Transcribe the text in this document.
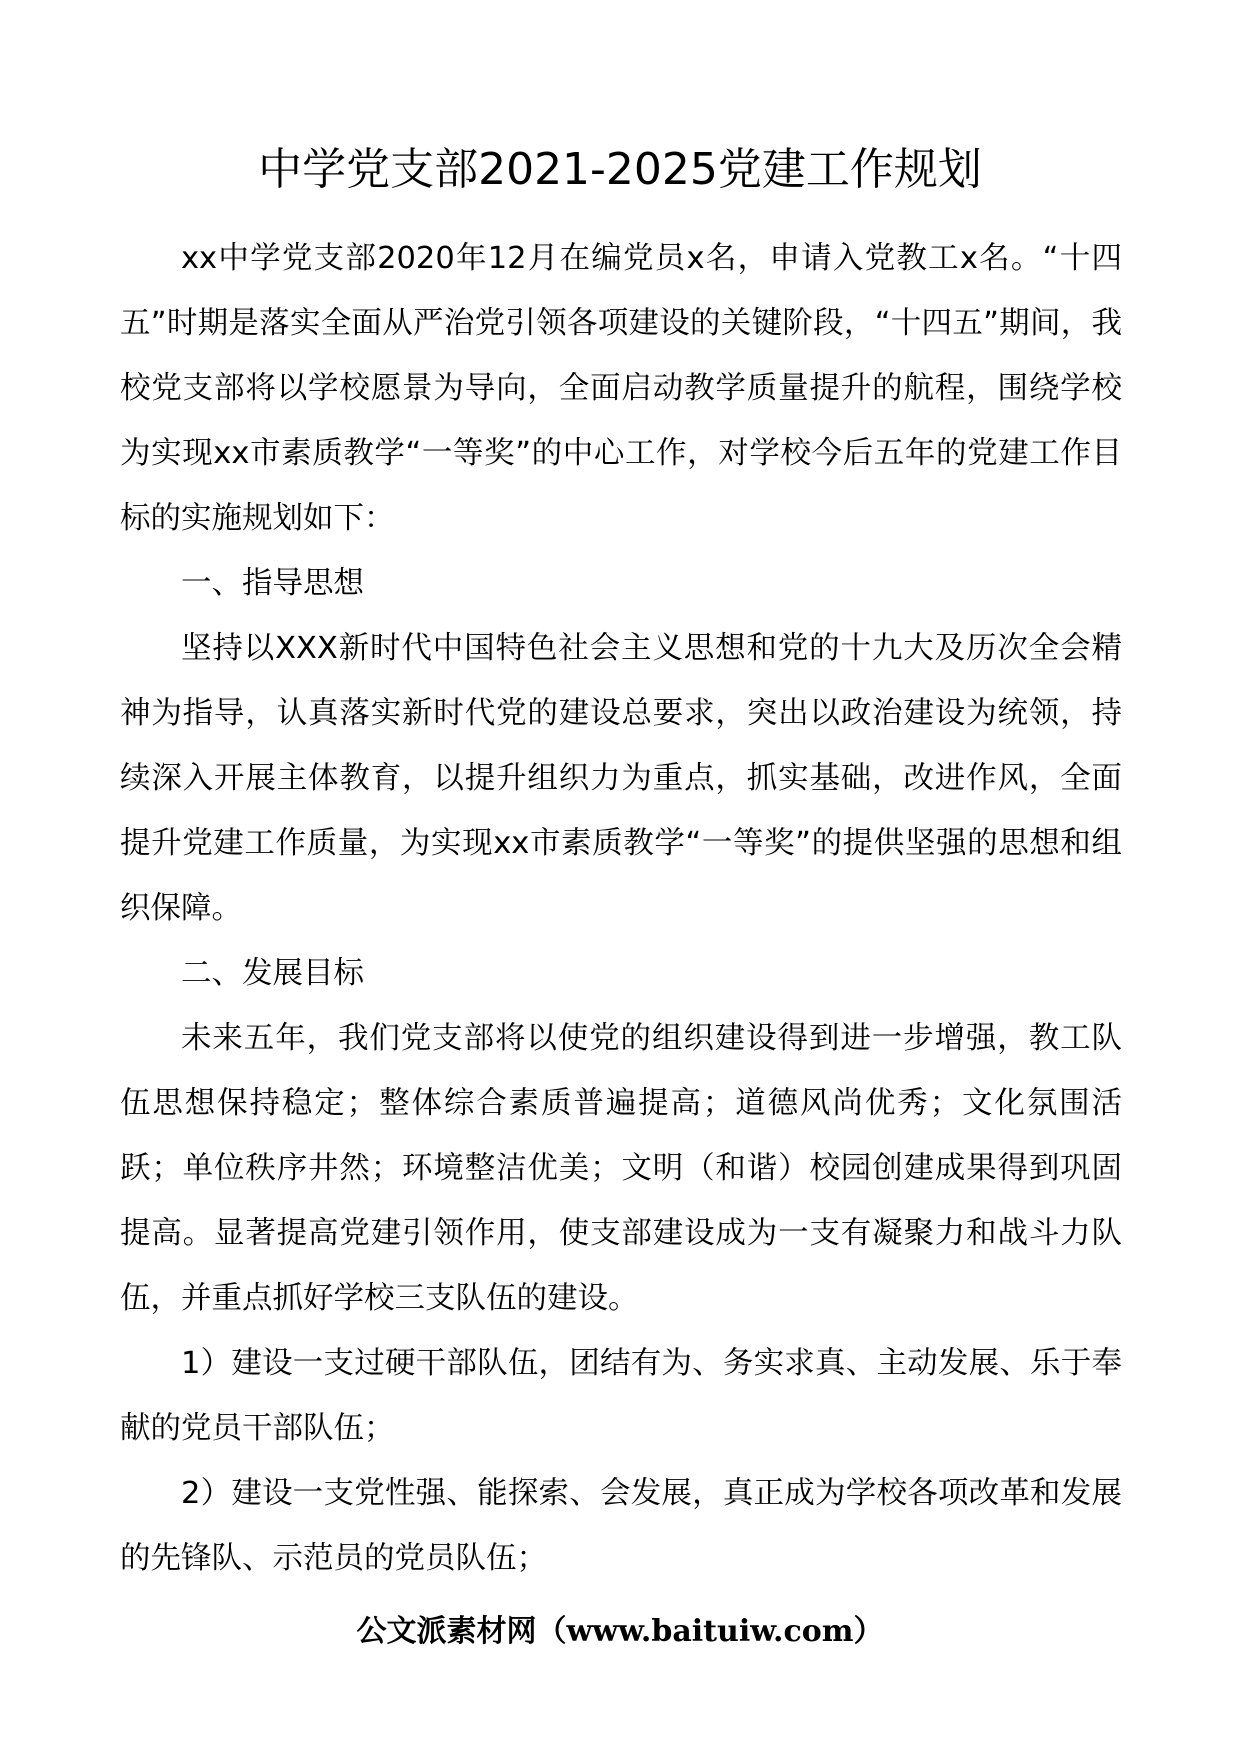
中学党支部2021-2025党建工作规划

xx中学党支部2020年12月在编党员x名，申请入党教工x名。“十四五”时期是落实全面从严治党引领各项建设的关键阶段，“十四五”期间，我校党支部将以学校愿景为导向，全面启动教学质量提升的航程，围绕学校为实现xx市素质教学“一等奖”的中心工作，对学校今后五年的党建工作目标的实施规划如下：

一、指导思想

坚持以XXX新时代中国特色社会主义思想和党的十九大及历次全会精神为指导，认真落实新时代党的建设总要求，突出以政治建设为统领，持续深入开展主体教育，以提升组织力为重点，抓实基础，改进作风，全面提升党建工作质量，为实现xx市素质教学“一等奖”的提供坚强的思想和组织保障。

二、发展目标

未来五年，我们党支部将以使党的组织建设得到进一步增强，教工队伍思想保持稳定；整体综合素质普遍提高；道德风尚优秀；文化氛围活跃；单位秩序井然；环境整洁优美；文明（和谐）校园创建成果得到巩固提高。显著提高党建引领作用，使支部建设成为一支有凝聚力和战斗力队伍，并重点抓好学校三支队伍的建设。

1）建设一支过硬干部队伍，团结有为、务实求真、主动发展、乐于奉献的党员干部队伍；

2）建设一支党性强、能探索、会发展，真正成为学校各项改革和发展的先锋队、示范员的党员队伍；

公文派素材网（www.baituiw.com）
